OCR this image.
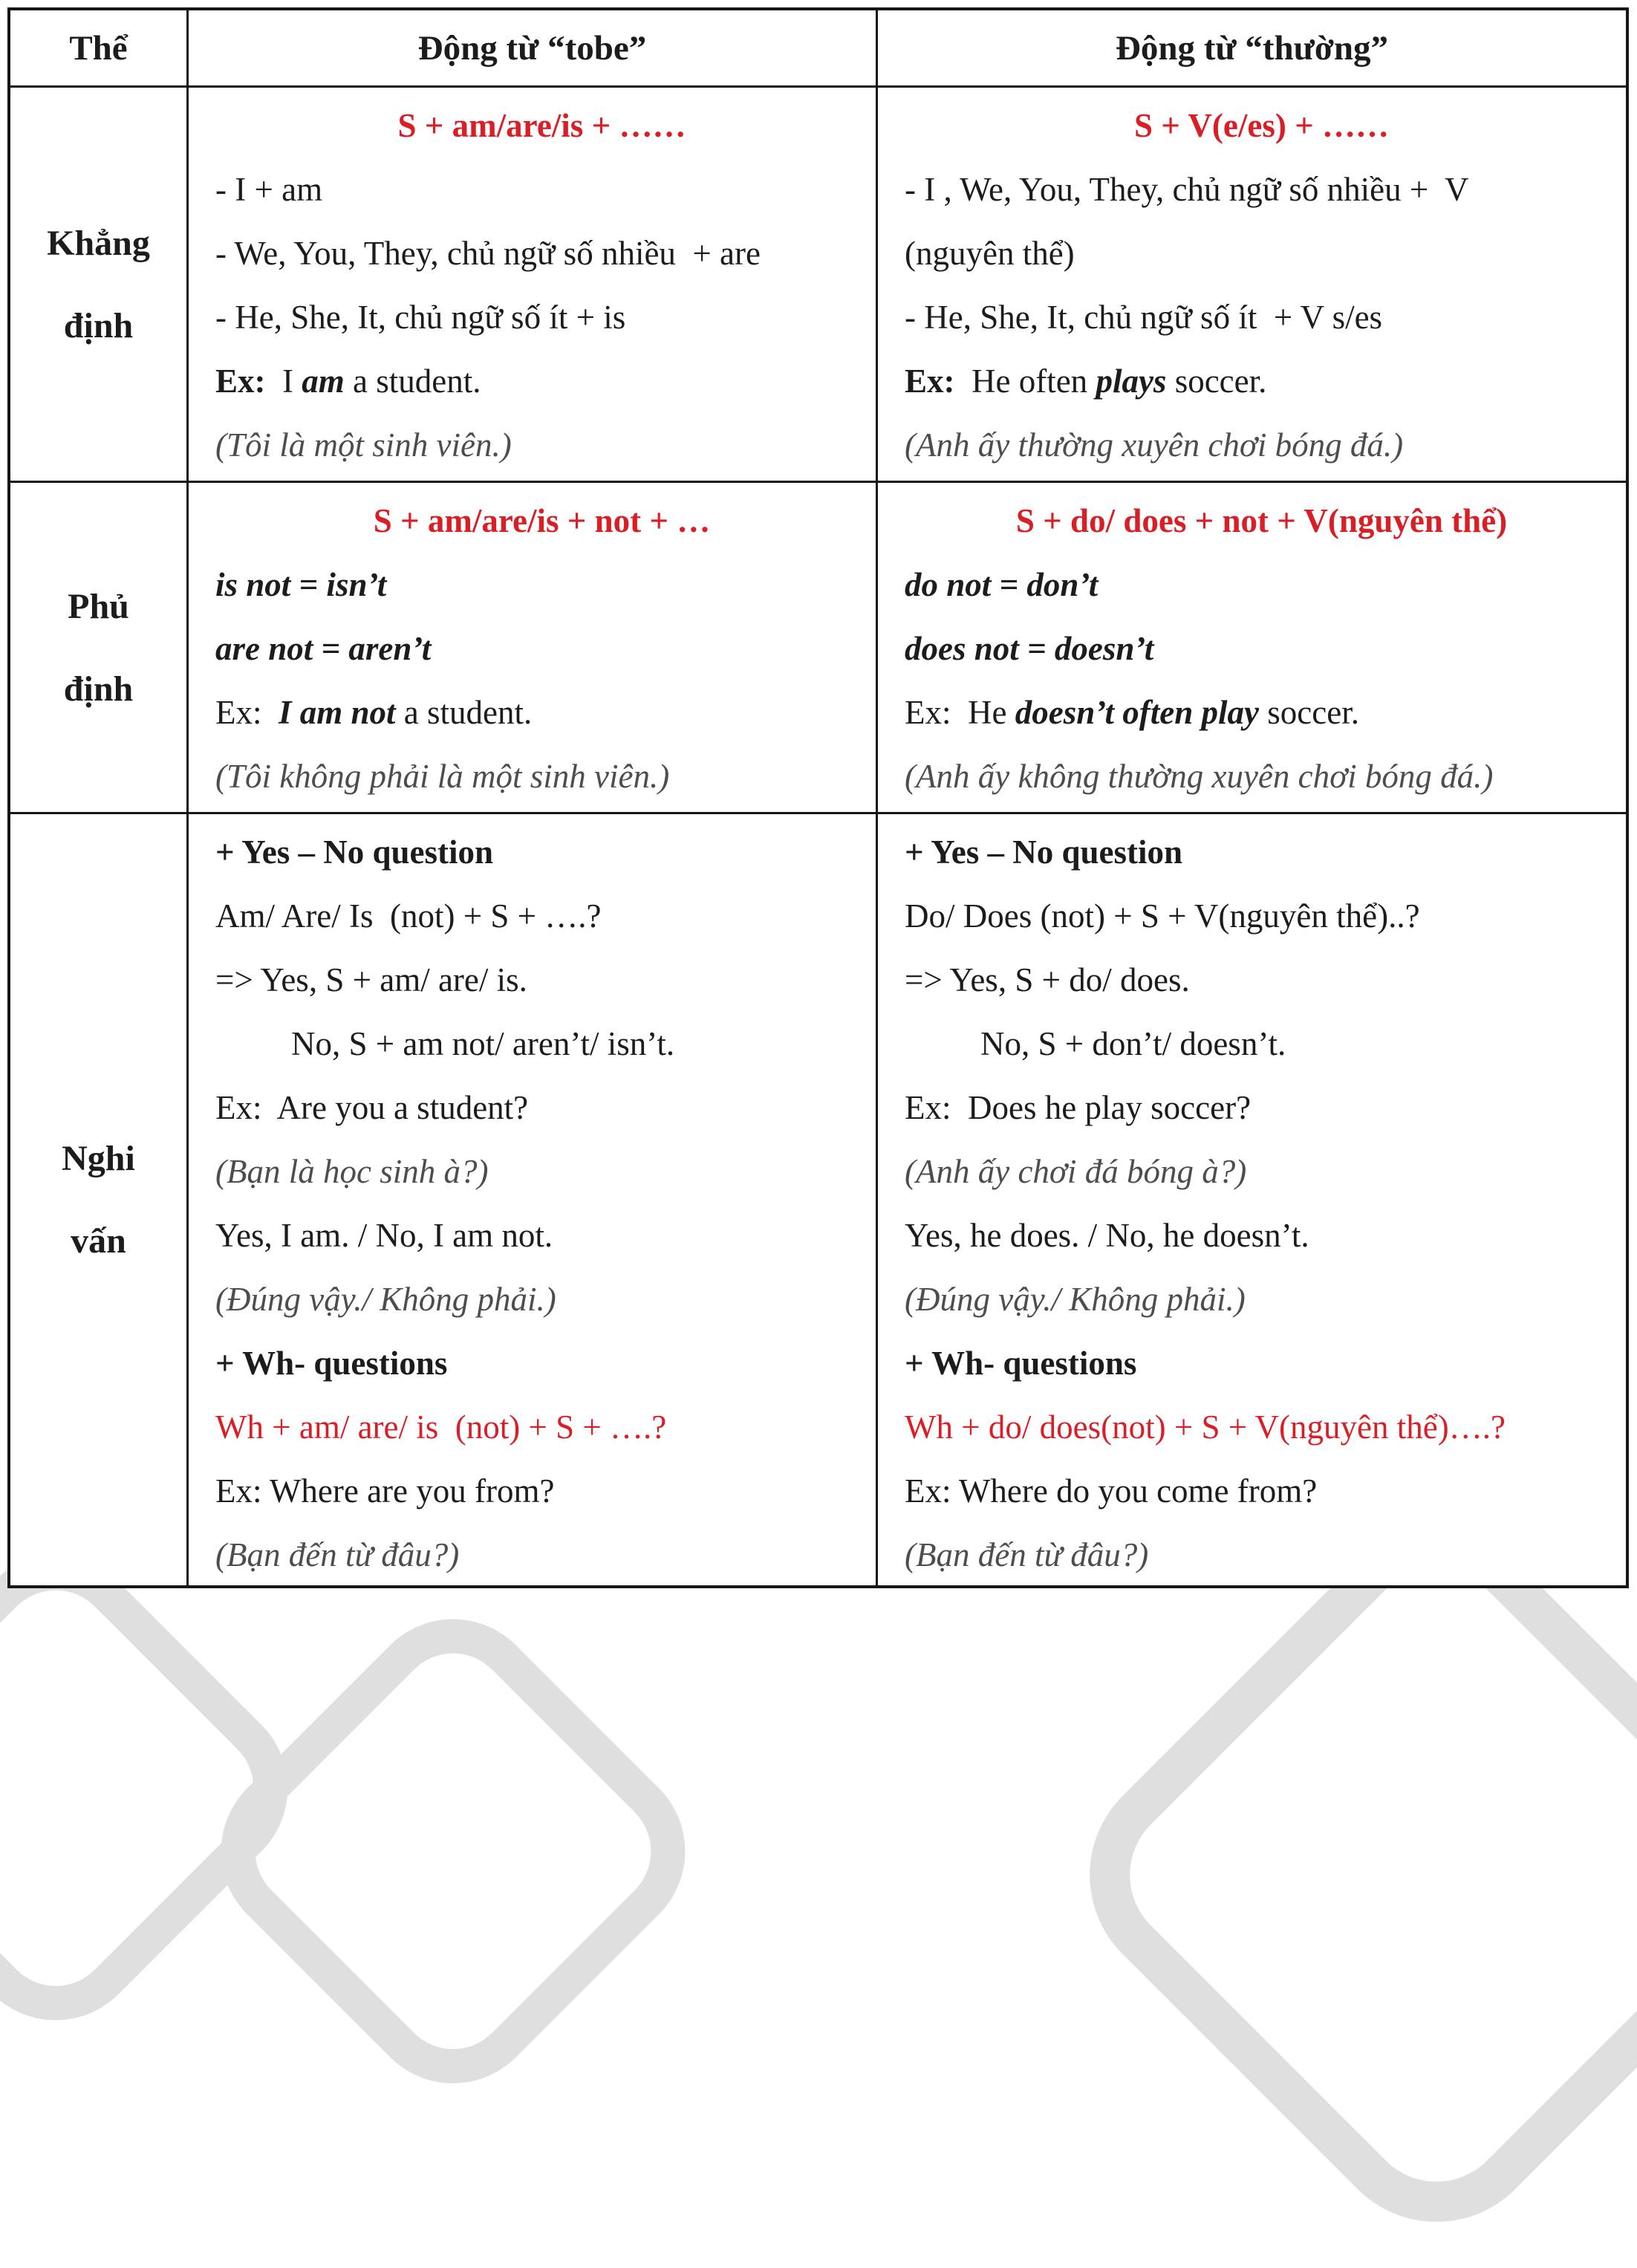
Thể	Động từ “tobe”	Động từ “thường”
Khẳng
định
S + am/are/is + ……
- I + am
- We, You, They, chủ ngữ số nhiều  + are
- He, She, It, chủ ngữ số ít + is
Ex:  I am a student.
(Tôi là một sinh viên.)
S + V(e/es) + ……
- I , We, You, They, chủ ngữ số nhiều +  V
(nguyên thể)
- He, She, It, chủ ngữ số ít  + V s/es
Ex:  He often plays soccer.
(Anh ấy thường xuyên chơi bóng đá.)
Phủ
định
S + am/are/is + not + …
is not = isn’t
are not = aren’t
Ex:  I am not a student.
(Tôi không phải là một sinh viên.)
S + do/ does + not + V(nguyên thể)
do not = don’t
does not = doesn’t
Ex:  He doesn’t often play soccer.
(Anh ấy không thường xuyên chơi bóng đá.)
Nghi
vấn
+ Yes – No question
Am/ Are/ Is  (not) + S + ….?
=> Yes, S + am/ are/ is.
No, S + am not/ aren’t/ isn’t.
Ex:  Are you a student?
(Bạn là học sinh à?)
Yes, I am. / No, I am not.
(Đúng vậy./ Không phải.)
+ Wh- questions
Wh + am/ are/ is  (not) + S + ….?
Ex: Where are you from?
(Bạn đến từ đâu?)
+ Yes – No question
Do/ Does (not) + S + V(nguyên thể)..?
=> Yes, S + do/ does.
No, S + don’t/ doesn’t.
Ex:  Does he play soccer?
(Anh ấy chơi đá bóng à?)
Yes, he does. / No, he doesn’t.
(Đúng vậy./ Không phải.)
+ Wh- questions
Wh + do/ does(not) + S + V(nguyên thể)….?
Ex: Where do you come from?
(Bạn đến từ đâu?)
